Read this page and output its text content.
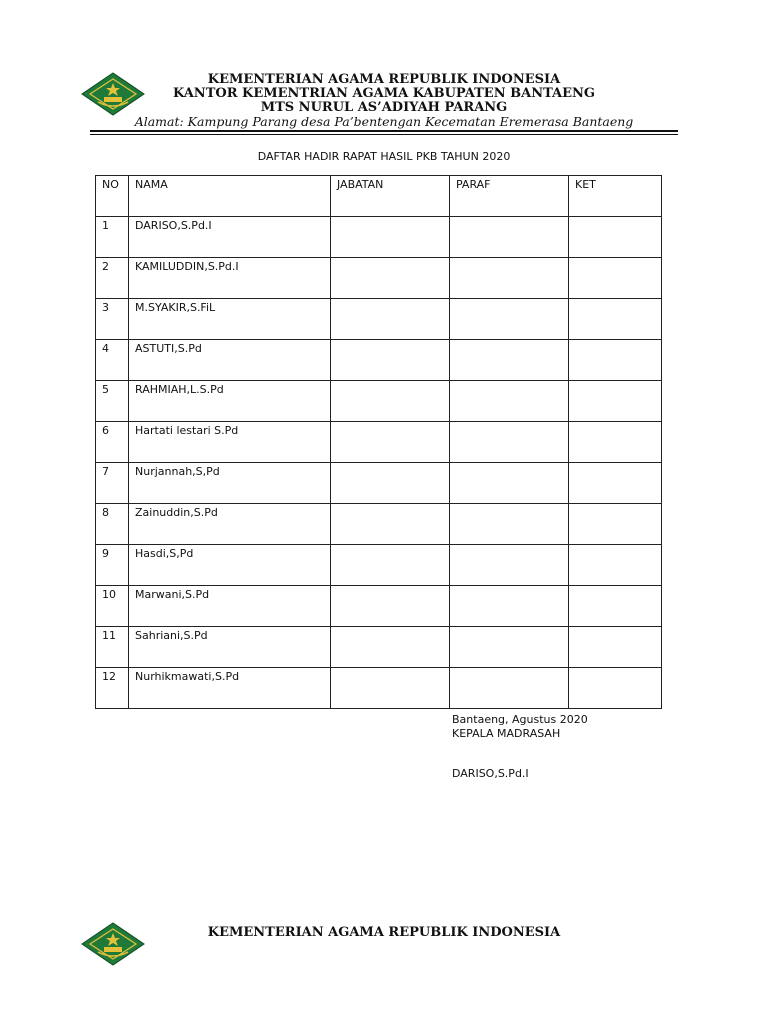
KEMENTERIAN AGAMA REPUBLIK INDONESIA
KANTOR KEMENTRIAN AGAMA KABUPATEN BANTAENG
MTS NURUL AS’ADIYAH PARANG
Alamat: Kampung Parang desa Pa’bentengan Kecematan Eremerasa Bantaeng
DAFTAR HADIR RAPAT HASIL PKB TAHUN 2020
NO	NAMA	JABATAN	PARAF	KET
1	DARISO,S.Pd.I			
2	KAMILUDDIN,S.Pd.I			
3	M.SYAKIR,S.FiL			
4	ASTUTI,S.Pd			
5	RAHMIAH,L.S.Pd			
6	Hartati lestari S.Pd			
7	Nurjannah,S,Pd			
8	Zainuddin,S.Pd			
9	Hasdi,S,Pd			
10	Marwani,S.Pd			
11	Sahriani,S.Pd			
12	Nurhikmawati,S.Pd			
Bantaeng, Agustus 2020
KEPALA MADRASAH
DARISO,S.Pd.I
KEMENTERIAN AGAMA REPUBLIK INDONESIA
